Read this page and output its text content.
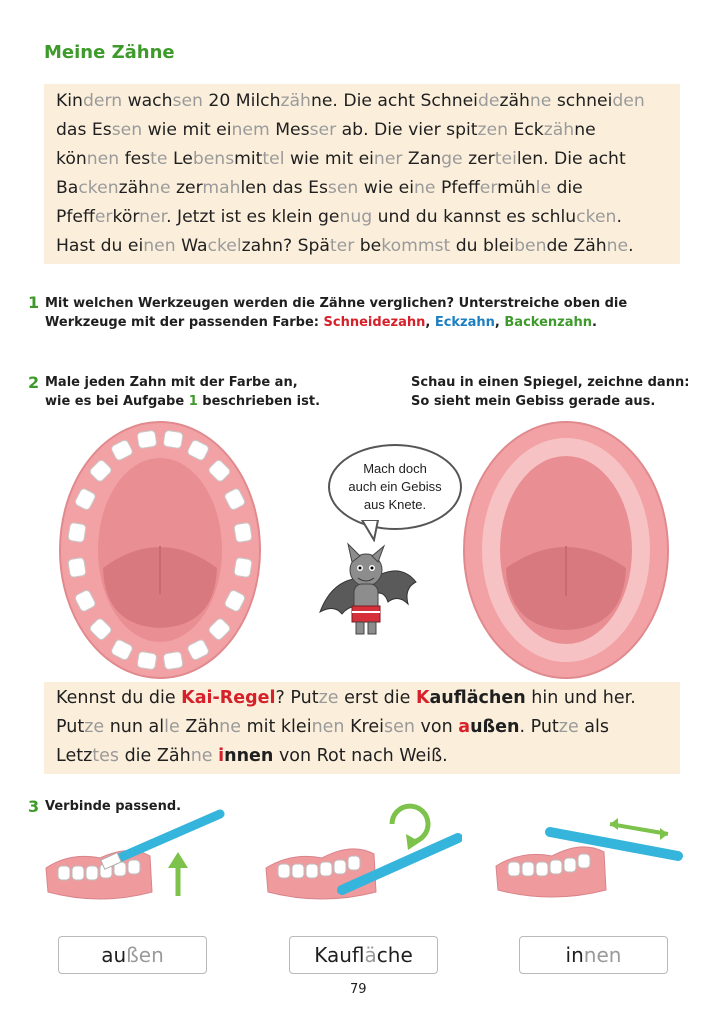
Meine Zähne
Kindern wachsen 20 Milchzähne. Die acht Schneidezähne schneiden
das Essen wie mit einem Messer ab. Die vier spitzen Eckzähne
können feste Lebensmittel wie mit einer Zange zerteilen. Die acht
Backenzähne zermahlen das Essen wie eine Pfeffermühle die
Pfefferkörner. Jetzt ist es klein genug und du kannst es schlucken.
Hast du einen Wackelzahn? Später bekommst du bleibende Zähne.
1 Mit welchen Werkzeugen werden die Zähne verglichen? Unterstreiche oben die
Werkzeuge mit der passenden Farbe: Schneidezahn, Eckzahn, Backenzahn.
2 Male jeden Zahn mit der Farbe an,
wie es bei Aufgabe 1 beschrieben ist.
Schau in einen Spiegel, zeichne dann:
So sieht mein Gebiss gerade aus.
Mach doch
auch ein Gebiss
aus Knete.
Kennst du die Kai-Regel? Putze erst die Kauflächen hin und her.
Putze nun alle Zähne mit kleinen Kreisen von außen. Putze als
Letztes die Zähne innen von Rot nach Weiß.
3 Verbinde passend.
außen	Kaufläche	innen
79
